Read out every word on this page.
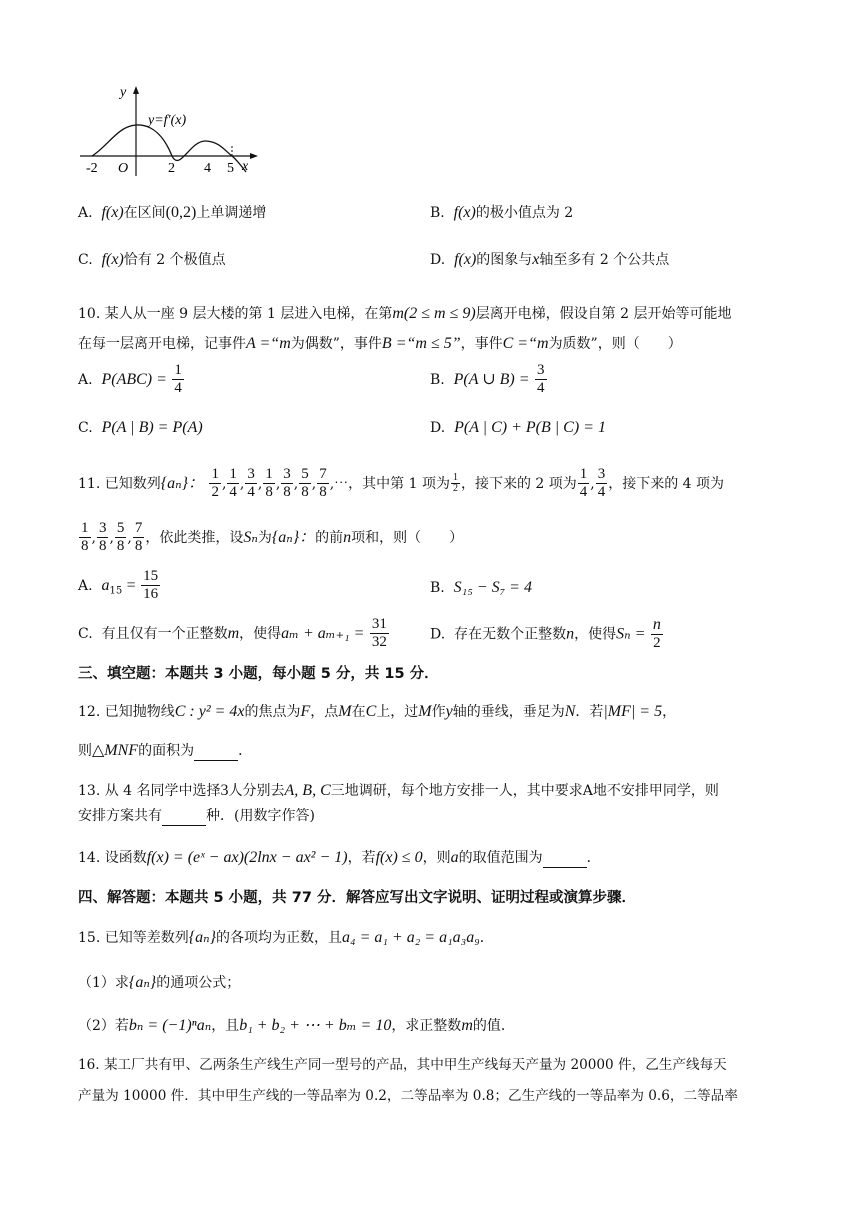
y
y=f′(x)
x
O
-2	2 4 5
A. f(x)在区间(0,2)上单调递增	B. f(x)的极小值点为 2
C. f(x)恰有 2 个极值点	D. f(x)的图象与x轴至多有 2 个公共点
10. 某人从一座 9 层大楼的第 1 层进入电梯，在第m(2 ≤ m ≤ 9)层离开电梯，假设自第 2 层开始等可能地
在每一层离开电梯，记事件A =“m为偶数”，事件B =“m ≤ 5”，事件C =“m为质数”，则（　　）
A. $P(ABC) = \frac{1}{4}$	B. P(A ∪ $B) = \frac{3}{4}$
C. P(A | B) = P(A)	D. P(A | C) + P(B | C) = 1
11. 已知数列{aₙ}： $\frac{1}{2}$ , $\frac{1}{4}$ , $\frac{3}{4}$ , $\frac{1}{8}$ , $\frac{3}{8}$ , $\frac{5}{8}$ , $\frac{7}{8}$ ,⋯，其中第 1 项为 $\frac{1}{2}$ ，接下来的 2 项为 $\frac{1}{4}$ , $\frac{3}{4}$ ，接下来的 4 项为
$\frac{1}{8}$ , $\frac{3}{8}$ , $\frac{5}{8}$ , $\frac{7}{8}$ ，依此类推，设Sₙ为{aₙ}：的前n项和，则（　　）
A. $a_{15} = \frac{15}{16}$	B. S₁₅ − S₇ = 4
C. 有且仅有一个正整数m，使得$a_m + a_{m+1} = \frac{31}{32}$	D. 存在无数个正整数n，使得$S_n = \frac{n}{2}$
三、填空题：本题共 3 小题，每小题 5 分，共 15 分．
12. 已知抛物线C : y² = 4x的焦点为F，点M在C上，过M作y轴的垂线，垂足为N．若|MF| = 5，
则△MNF的面积为	．
13. 从 4 名同学中选择3人分别去A, B, C三地调研，每个地方安排一人，其中要求A地不安排甲同学，则
安排方案共有	种．(用数字作答)
14. 设函数f(x) = (eˣ − ax)(2lnx − ax² − 1)，若f(x) ≤ 0，则a的取值范围为	．
四、解答题：本题共 5 小题，共 77 分．解答应写出文字说明、证明过程或演算步骤．
15. 已知等差数列{aₙ}的各项均为正数，且a₄ = a₁ + a₂ = a₁a₃a₉．
（1）求{aₙ}的通项公式；
（2）若bₙ = (−1)ⁿaₙ，且b₁ + b₂ + ⋯ + bₘ = 10，求正整数m的值．
16. 某工厂共有甲、乙两条生产线生产同一型号的产品，其中甲生产线每天产量为 20000 件，乙生产线每天
产量为 10000 件．其中甲生产线的一等品率为 0.2，二等品率为 0.8；乙生产线的一等品率为 0.6，二等品率
